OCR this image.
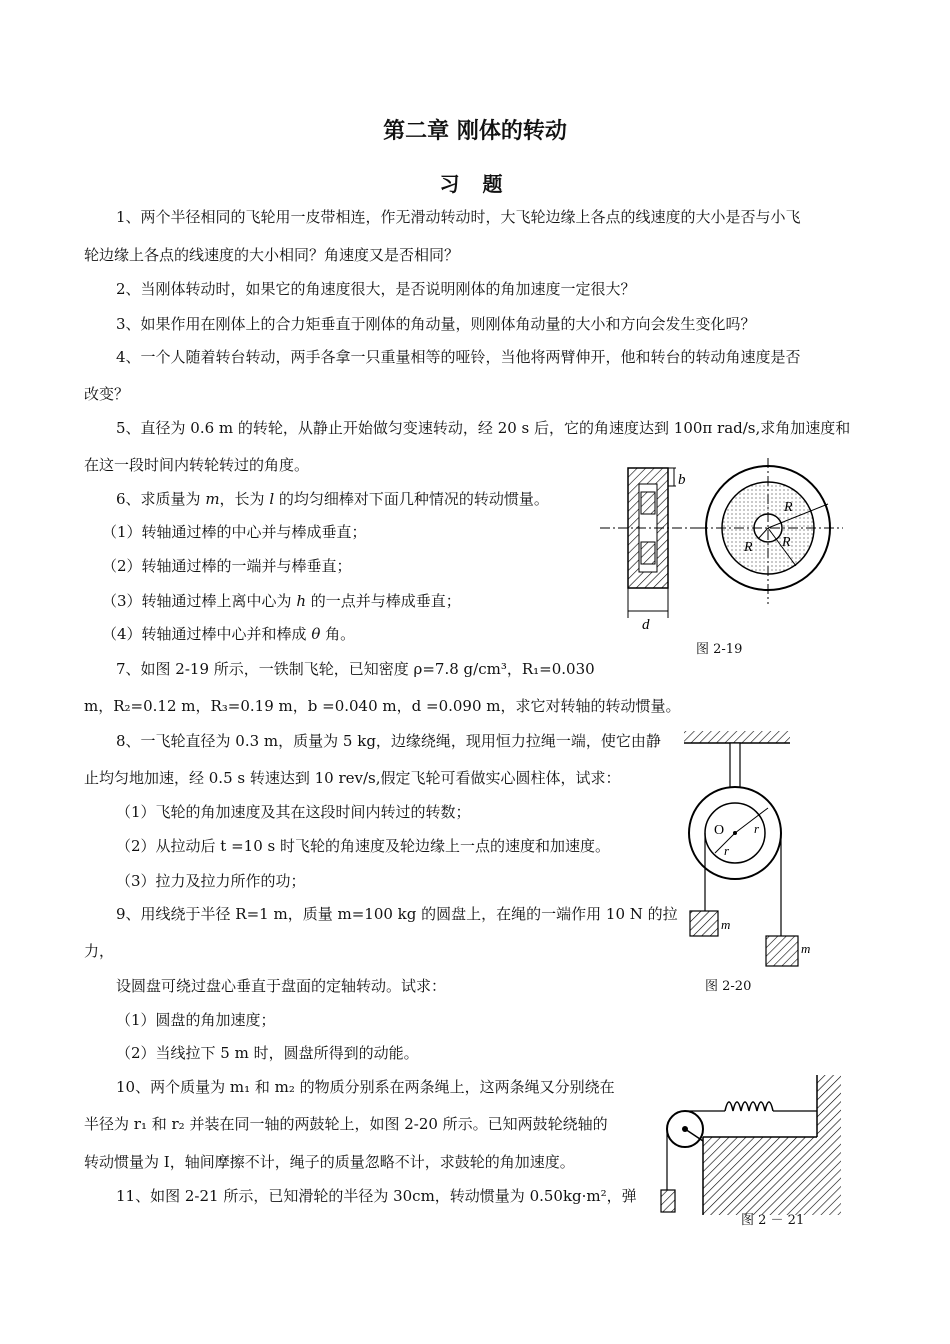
第二章 刚体的转动
习 题
1、两个半径相同的飞轮用一皮带相连，作无滑动转动时，大飞轮边缘上各点的线速度的大小是否与小飞
轮边缘上各点的线速度的大小相同？角速度又是否相同？
2、当刚体转动时，如果它的角速度很大，是否说明刚体的角加速度一定很大？
3、如果作用在刚体上的合力矩垂直于刚体的角动量，则刚体角动量的大小和方向会发生变化吗？
4、一个人随着转台转动，两手各拿一只重量相等的哑铃，当他将两臂伸开，他和转台的转动角速度是否
改变？
5、直径为 0.6 m 的转轮，从静止开始做匀变速转动，经 20 s 后，它的角速度达到 100π rad/s,求角加速度和
在这一段时间内转轮转过的角度。
6、求质量为 m，长为 l 的均匀细棒对下面几种情况的转动惯量。
（1）转轴通过棒的中心并与棒成垂直；
（2）转轴通过棒的一端并与棒垂直；
（3）转轴通过棒上离中心为 h 的一点并与棒成垂直；
（4）转轴通过棒中心并和棒成 θ 角。
7、如图 2-19 所示，一铁制飞轮，已知密度 ρ=7.8 g/cm³，R₁=0.030
m，R₂=0.12 m，R₃=0.19 m，b =0.040 m，d =0.090 m，求它对转轴的转动惯量。
8、一飞轮直径为 0.3 m，质量为 5 kg，边缘绕绳，现用恒力拉绳一端，使它由静
止均匀地加速，经 0.5 s 转速达到 10 rev/s,假定飞轮可看做实心圆柱体，试求：
（1）飞轮的角加速度及其在这段时间内转过的转数；
（2）从拉动后 t =10 s 时飞轮的角速度及轮边缘上一点的速度和加速度。
（3）拉力及拉力所作的功；
9、用线绕于半径 R=1 m，质量 m=100 kg 的圆盘上，在绳的一端作用 10 N 的拉
力，
设圆盘可绕过盘心垂直于盘面的定轴转动。试求：
（1）圆盘的角加速度；
（2）当线拉下 5 m 时，圆盘所得到的动能。
10、两个质量为 m₁ 和 m₂ 的物质分别系在两条绳上，这两条绳又分别绕在
半径为 r₁ 和 r₂ 并装在同一轴的两鼓轮上，如图 2-20 所示。已知两鼓轮绕轴的
转动惯量为 I，轴间摩擦不计，绳子的质量忽略不计，求鼓轮的角加速度。
11、如图 2-21 所示，已知滑轮的半径为 30cm，转动惯量为 0.50kg·m²，弹
b
d
R
R
R
图 2-19
O r
r
m
m
图 2-20
图 2 － 21
